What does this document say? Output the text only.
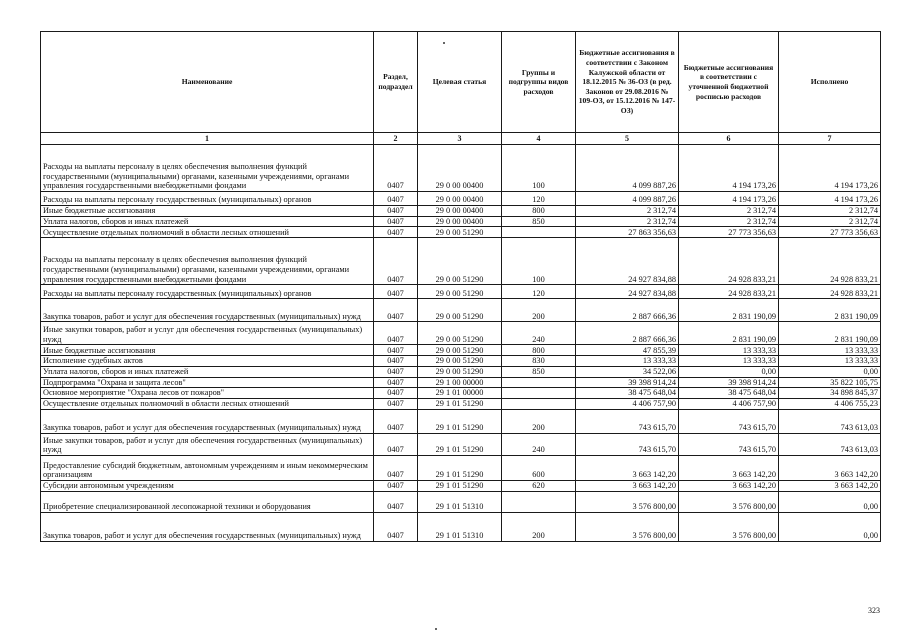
Наименование	Раздел, подраздел	Целевая статья	Группы и подгруппы видов расходов	Бюджетные ассигнования в соответствии с Законом Калужской области от 18.12.2015 № 36-ОЗ (в ред. Законов от 29.08.2016 № 109-ОЗ, от 15.12.2016 № 147-ОЗ)	Бюджетные ассигнования в соответствии с уточненной бюджетной росписью расходов	Исполнено
1	2	3	4	5	6	7
Расходы на выплаты персоналу в целях обеспечения выполнения функций государственными (муниципальными) органами, казенными учреждениями, органами управления государственными внебюджетными фондами	0407	29 0 00 00400	100	4 099 887,26	4 194 173,26	4 194 173,26
Расходы на выплаты персоналу государственных (муниципальных) органов	0407	29 0 00 00400	120	4 099 887,26	4 194 173,26	4 194 173,26
Иные бюджетные ассигнования	0407	29 0 00 00400	800	2 312,74	2 312,74	2 312,74
Уплата налогов, сборов и иных платежей	0407	29 0 00 00400	850	2 312,74	2 312,74	2 312,74
Осуществление отдельных полномочий в области лесных отношений	0407	29 0 00 51290		27 863 356,63	27 773 356,63	27 773 356,63
Расходы на выплаты персоналу в целях обеспечения выполнения функций государственными (муниципальными) органами, казенными учреждениями, органами управления государственными внебюджетными фондами	0407	29 0 00 51290	100	24 927 834,88	24 928 833,21	24 928 833,21
Расходы на выплаты персоналу государственных (муниципальных) органов	0407	29 0 00 51290	120	24 927 834,88	24 928 833,21	24 928 833,21
Закупка товаров, работ и услуг для обеспечения государственных (муниципальных) нужд	0407	29 0 00 51290	200	2 887 666,36	2 831 190,09	2 831 190,09
Иные закупки товаров, работ и услуг для обеспечения государственных (муниципальных) нужд	0407	29 0 00 51290	240	2 887 666,36	2 831 190,09	2 831 190,09
Иные бюджетные ассигнования	0407	29 0 00 51290	800	47 855,39	13 333,33	13 333,33
Исполнение судебных актов	0407	29 0 00 51290	830	13 333,33	13 333,33	13 333,33
Уплата налогов, сборов и иных платежей	0407	29 0 00 51290	850	34 522,06	0,00	0,00
Подпрограмма "Охрана и защита лесов"	0407	29 1 00 00000		39 398 914,24	39 398 914,24	35 822 105,75
Основное мероприятие "Охрана лесов от пожаров"	0407	29 1 01 00000		38 475 648,04	38 475 648,04	34 898 845,37
Осуществление отдельных полномочий в области лесных отношений	0407	29 1 01 51290		4 406 757,90	4 406 757,90	4 406 755,23
Закупка товаров, работ и услуг для обеспечения государственных (муниципальных) нужд	0407	29 1 01 51290	200	743 615,70	743 615,70	743 613,03
Иные закупки товаров, работ и услуг для обеспечения государственных (муниципальных) нужд	0407	29 1 01 51290	240	743 615,70	743 615,70	743 613,03
Предоставление субсидий бюджетным, автономным учреждениям и иным некоммерческим организациям	0407	29 1 01 51290	600	3 663 142,20	3 663 142,20	3 663 142,20
Субсидии автономным учреждениям	0407	29 1 01 51290	620	3 663 142,20	3 663 142,20	3 663 142,20
Приобретение специализированной лесопожарной техники и оборудования	0407	29 1 01 51310		3 576 800,00	3 576 800,00	0,00
Закупка товаров, работ и услуг для обеспечения государственных (муниципальных) нужд	0407	29 1 01 51310	200	3 576 800,00	3 576 800,00	0,00
323
